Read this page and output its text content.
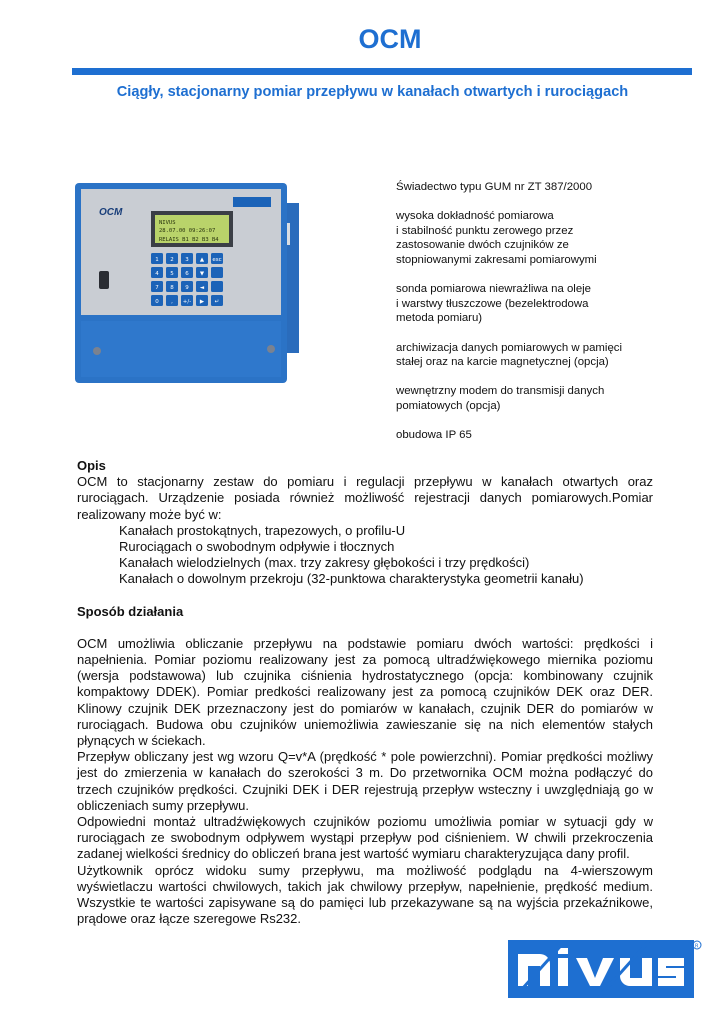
OCM
Ciągły, stacjonarny pomiar przepływu w kanałach otwartych i rurociągach
OCM
NIVUS
28.07.00 09:26:07
RELAIS B1 B2 B3 B4
1 2 3 ▲ esc
4 5 6 ▼
7 8 9 ◄
0 , +/- ▶ ↵
Świadectwo typu GUM nr ZT 387/2000
wysoka dokładność pomiarowa
i stabilność punktu zerowego przez
zastosowanie dwóch czujników ze
stopniowanymi zakresami pomiarowymi
sonda pomiarowa niewrażliwa na oleje
i warstwy tłuszczowe (bezelektrodowa
metoda pomiaru)
archiwizacja danych pomiarowych w pamięci
stałej oraz na karcie magnetycznej (opcja)
wewnętrzny modem do transmisji danych
pomiatowych (opcja)
obudowa IP 65

Opis

OCM to stacjonarny zestaw do pomiaru i regulacji przepływu w kanałach otwartych oraz rurociągach. Urządzenie posiada również możliwość rejestracji danych pomiarowych.Pomiar realizowany może być w:

Kanałach prostokątnych, trapezowych, o profilu-U
Rurociągach o swobodnym odpływie i tłocznych
Kanałach wielodzielnych (max. trzy zakresy głębokości i trzy prędkości)
Kanałach o dowolnym przekroju (32-punktowa charakterystyka geometrii kanału)

Sposób działania

OCM umożliwia obliczanie przepływu na podstawie pomiaru dwóch wartości: prędkości i napełnienia. Pomiar poziomu realizowany jest za pomocą ultradźwiękowego miernika poziomu (wersja podstawowa) lub czujnika ciśnienia hydrostatycznego (opcja: kombinowany czujnik kompaktowy DDEK). Pomiar predkości realizowany jest za pomocą czujników DEK oraz DER. Klinowy czujnik DEK przeznaczony jest do pomiarów w kanałach, czujnik DER do pomiarów w rurociągach. Budowa obu czujników uniemożliwia zawieszanie się na nich elementów stałych płynących w ściekach.

Przepływ obliczany jest wg wzoru Q=v*A (prędkość * pole powierzchni). Pomiar prędkości możliwy jest do zmierzenia w kanałach do szerokości 3 m. Do przetwornika OCM można podłączyć do trzech czujników prędkości. Czujniki DEK i DER rejestrują przepływ wsteczny i uwzględniają go w obliczeniach sumy przepływu.

Odpowiedni montaż ultradźwiękowych czujników poziomu umożliwia pomiar w sytuacji gdy w rurociągach ze swobodnym odpływem wystąpi przepływ pod ciśnieniem. W chwili przekroczenia zadanej wielkości średnicy do obliczeń brana jest wartość wymiaru charakteryzująca dany profil.

Użytkownik oprócz widoku sumy przepływu, ma możliwość podglądu na 4-wierszowym wyświetlaczu wartości chwilowych, takich jak chwilowy przepływ, napełnienie, prędkość medium. Wszystkie te wartości zapisywane są do pamięci lub przekazywane są na wyjścia przekaźnikowe, prądowe oraz łącze szeregowe Rs232.

R
